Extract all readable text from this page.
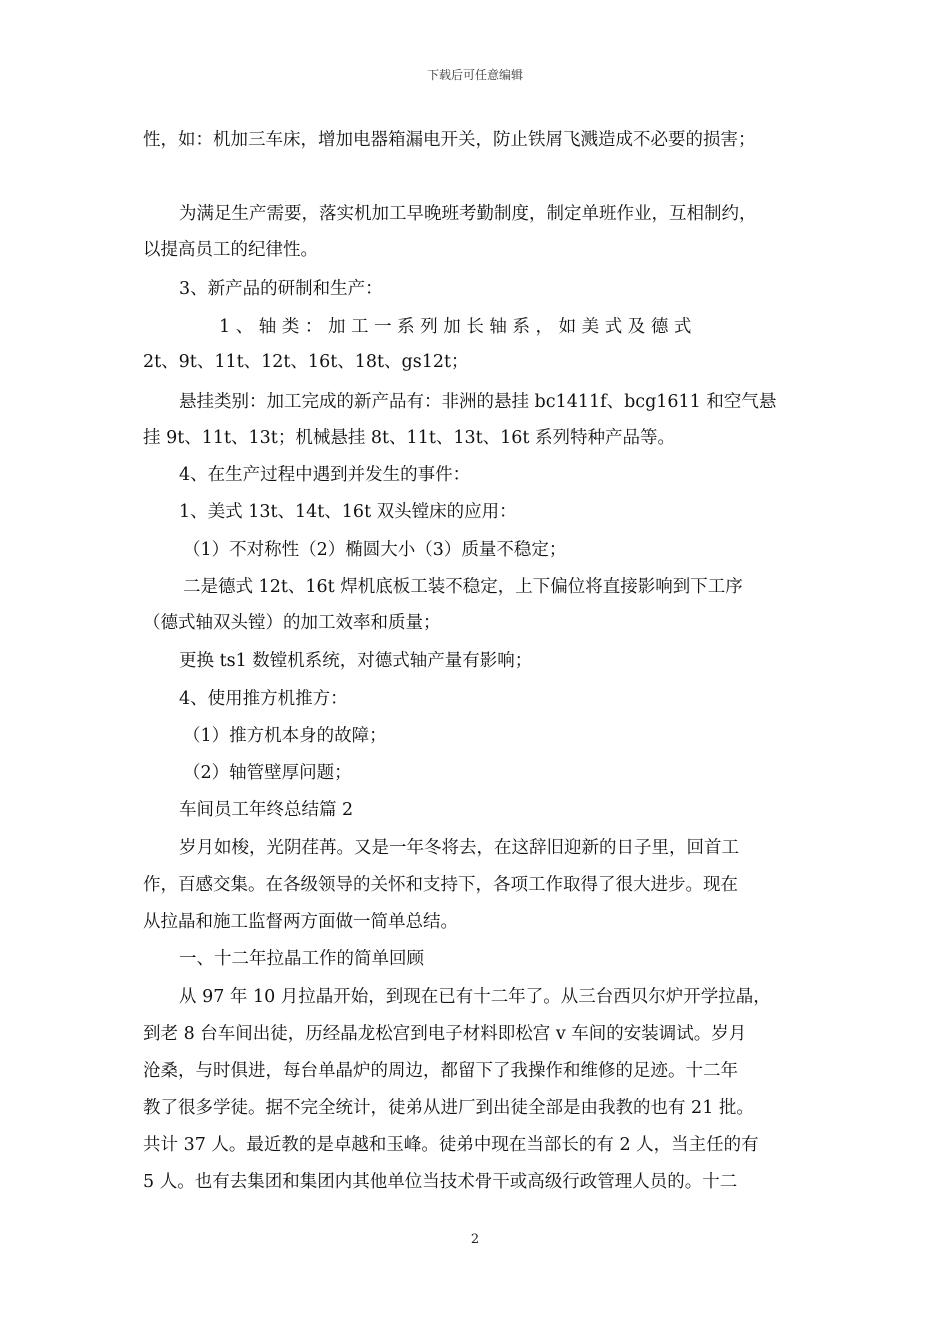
下载后可任意编辑
性，如：机加三车床，增加电器箱漏电开关，防止铁屑飞溅造成不必要的损害；
为满足生产需要，落实机加工早晚班考勤制度，制定单班作业，互相制约，
以提高员工的纪律性。
3、新产品的研制和生产：
1 、 轴 类 ： 加 工 一 系 列 加 长 轴 系 ， 如 美 式 及 德 式
2t、9t、11t、12t、16t、18t、gs12t；
悬挂类别：加工完成的新产品有：非洲的悬挂 bc1411f、bcg1611 和空气悬
挂 9t、11t、13t；机械悬挂 8t、11t、13t、16t 系列特种产品等。
4、在生产过程中遇到并发生的事件：
1、美式 13t、14t、16t 双头镗床的应用：
（1）不对称性（2）椭圆大小（3）质量不稳定；
二是德式 12t、16t 焊机底板工装不稳定，上下偏位将直接影响到下工序
（德式轴双头镗）的加工效率和质量；
更换 ts1 数镗机系统，对德式轴产量有影响；
4、使用推方机推方：
（1）推方机本身的故障；
（2）轴管壁厚问题；
车间员工年终总结篇 2
岁月如梭，光阴荏苒。又是一年冬将去，在这辞旧迎新的日子里，回首工
作，百感交集。在各级领导的关怀和支持下，各项工作取得了很大进步。现在
从拉晶和施工监督两方面做一简单总结。
一、十二年拉晶工作的简单回顾
从 97 年 10 月拉晶开始，到现在已有十二年了。从三台西贝尔炉开学拉晶，
到老 8 台车间出徒，历经晶龙松宫到电子材料即松宫 v 车间的安装调试。岁月
沧桑，与时俱进，每台单晶炉的周边，都留下了我操作和维修的足迹。十二年
教了很多学徒。据不完全统计，徒弟从进厂到出徒全部是由我教的也有 21 批。
共计 37 人。最近教的是卓越和玉峰。徒弟中现在当部长的有 2 人，当主任的有
5 人。也有去集团和集团内其他单位当技术骨干或高级行政管理人员的。十二
2
